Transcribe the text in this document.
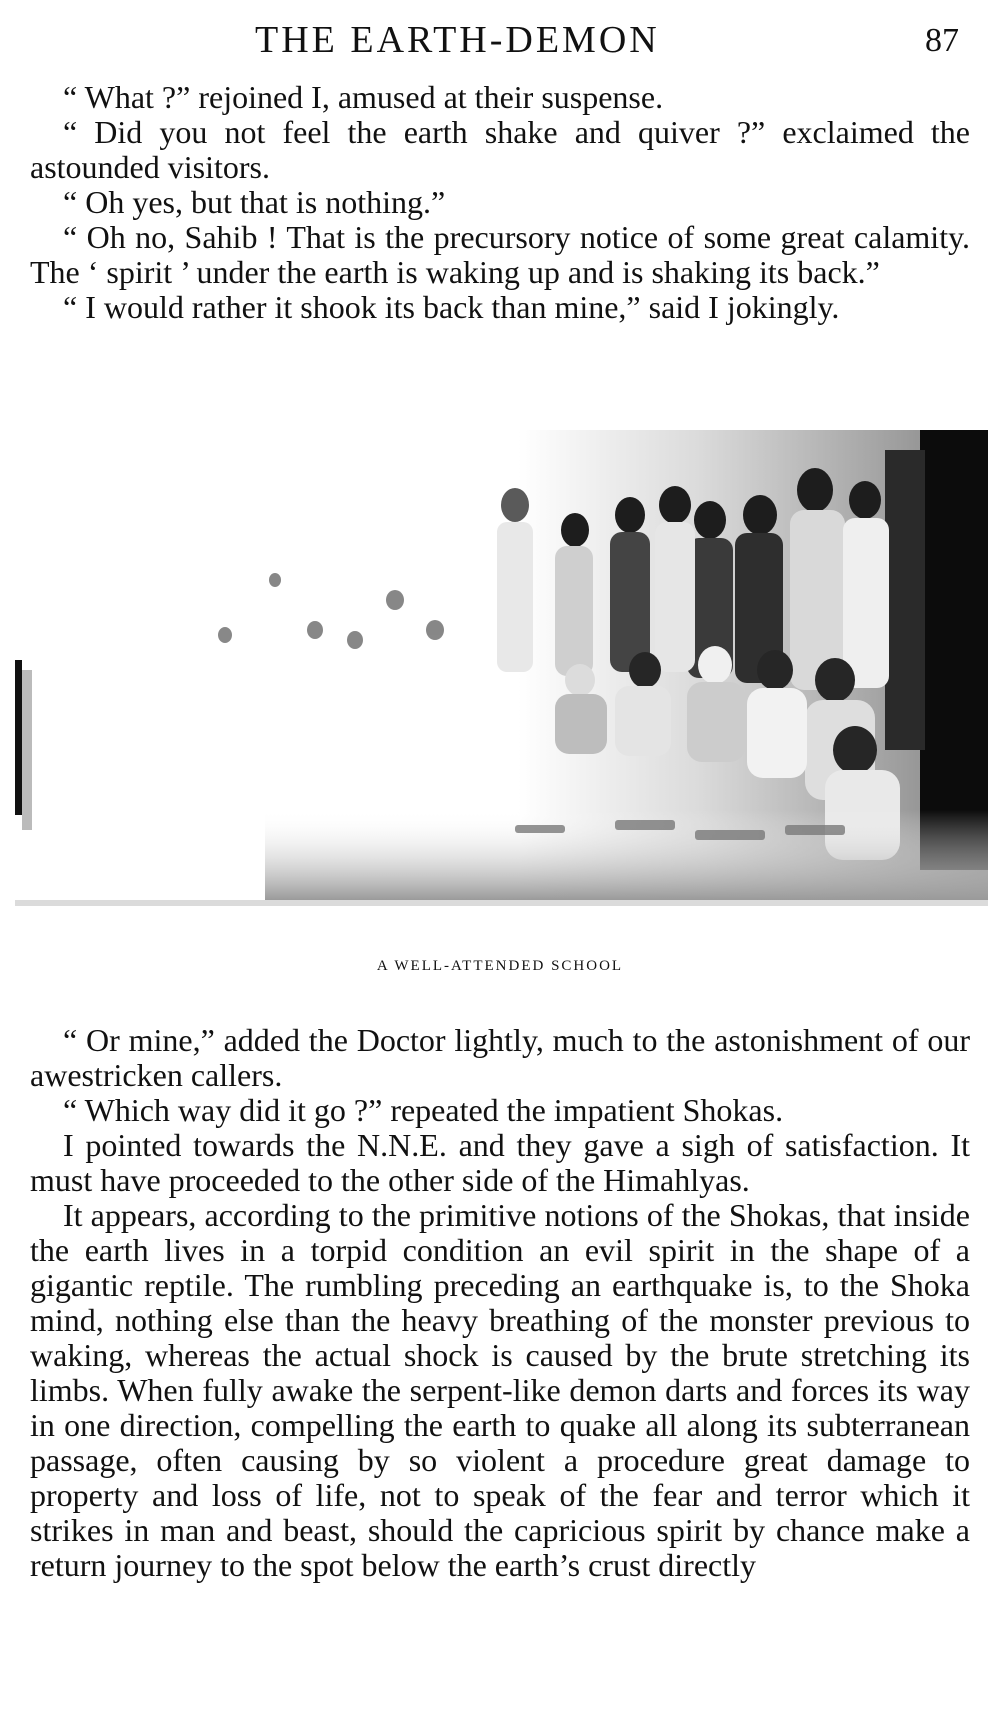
THE EARTH-DEMON	87

“ What ?” rejoined I, amused at their suspense.

“ Did you not feel the earth shake and quiver ?” exclaimed the astounded visitors.

“ Oh yes, but that is nothing.”

“ Oh no, Sahib ! That is the precursory notice of some great calamity. The ‘ spirit ’ under the earth is waking up and is shaking its back.”

“ I would rather it shook its back than mine,” said I jokingly.

A WELL-ATTENDED SCHOOL

“ Or mine,” added the Doctor lightly, much to the astonishment of our awestricken callers.

“ Which way did it go ?” repeated the impatient Shokas.

I pointed towards the N.N.E. and they gave a sigh of satisfaction. It must have proceeded to the other side of the Himahlyas.

It appears, according to the primitive notions of the Shokas, that inside the earth lives in a torpid condition an evil spirit in the shape of a gigantic reptile. The rumbling preceding an earthquake is, to the Shoka mind, nothing else than the heavy breathing of the monster previous to waking, whereas the actual shock is caused by the brute stretching its limbs. When fully awake the serpent-like demon darts and forces its way in one direction, compelling the earth to quake all along its subterranean passage, often causing by so violent a procedure great damage to property and loss of life, not to speak of the fear and terror which it strikes in man and beast, should the capricious spirit by chance make a return journey to the spot below the earth’s crust directly
